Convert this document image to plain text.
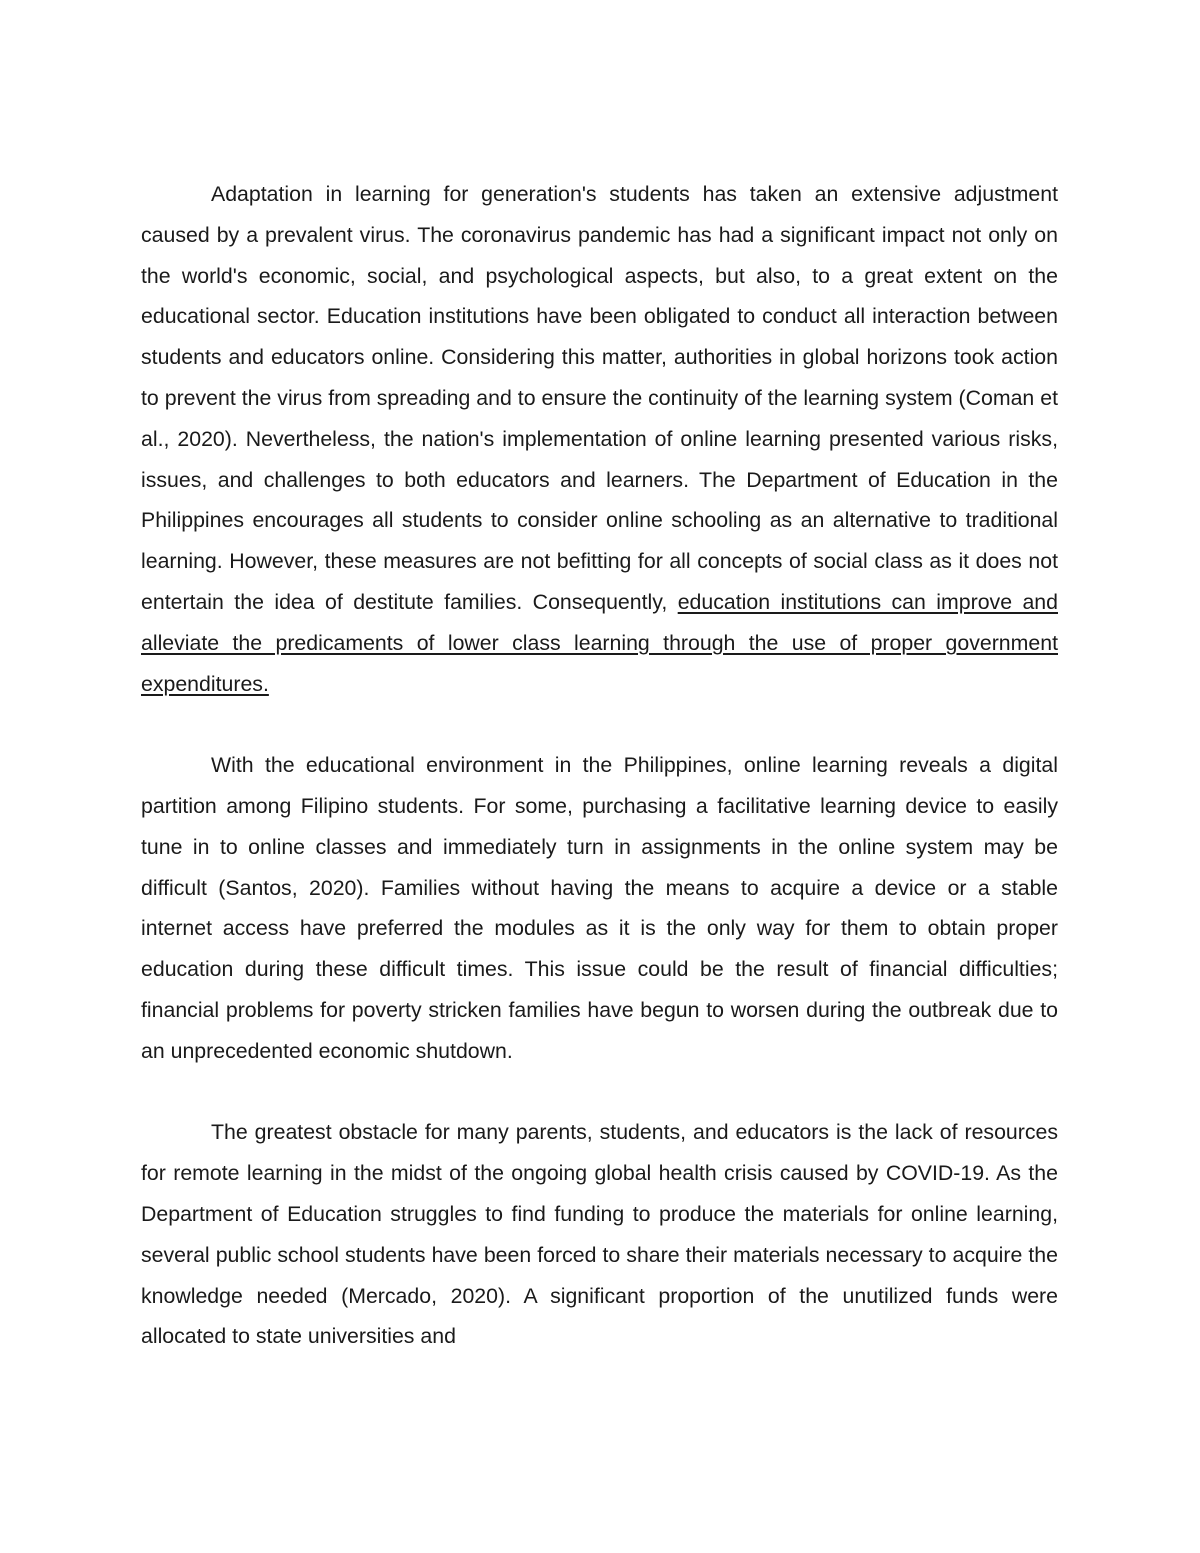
Adaptation in learning for generation's students has taken an extensive adjustment caused by a prevalent virus. The coronavirus pandemic has had a significant impact not only on the world's economic, social, and psychological aspects, but also, to a great extent on the educational sector. Education institutions have been obligated to conduct all interaction between students and educators online. Considering this matter, authorities in global horizons took action to prevent the virus from spreading and to ensure the continuity of the learning system (Coman et al., 2020). Nevertheless, the nation's implementation of online learning presented various risks, issues, and challenges to both educators and learners. The Department of Education in the Philippines encourages all students to consider online schooling as an alternative to traditional learning. However, these measures are not befitting for all concepts of social class as it does not entertain the idea of destitute families. Consequently, education institutions can improve and alleviate the predicaments of lower class learning through the use of proper government expenditures.

With the educational environment in the Philippines, online learning reveals a digital partition among Filipino students. For some, purchasing a facilitative learning device to easily tune in to online classes and immediately turn in assignments in the online system may be difficult (Santos, 2020). Families without having the means to acquire a device or a stable internet access have preferred the modules as it is the only way for them to obtain proper education during these difficult times. This issue could be the result of financial difficulties; financial problems for poverty stricken families have begun to worsen during the outbreak due to an unprecedented economic shutdown.

The greatest obstacle for many parents, students, and educators is the lack of resources for remote learning in the midst of the ongoing global health crisis caused by COVID-19. As the Department of Education struggles to find funding to produce the materials for online learning, several public school students have been forced to share their materials necessary to acquire the knowledge needed (Mercado, 2020). A significant proportion of the unutilized funds were allocated to state universities and
